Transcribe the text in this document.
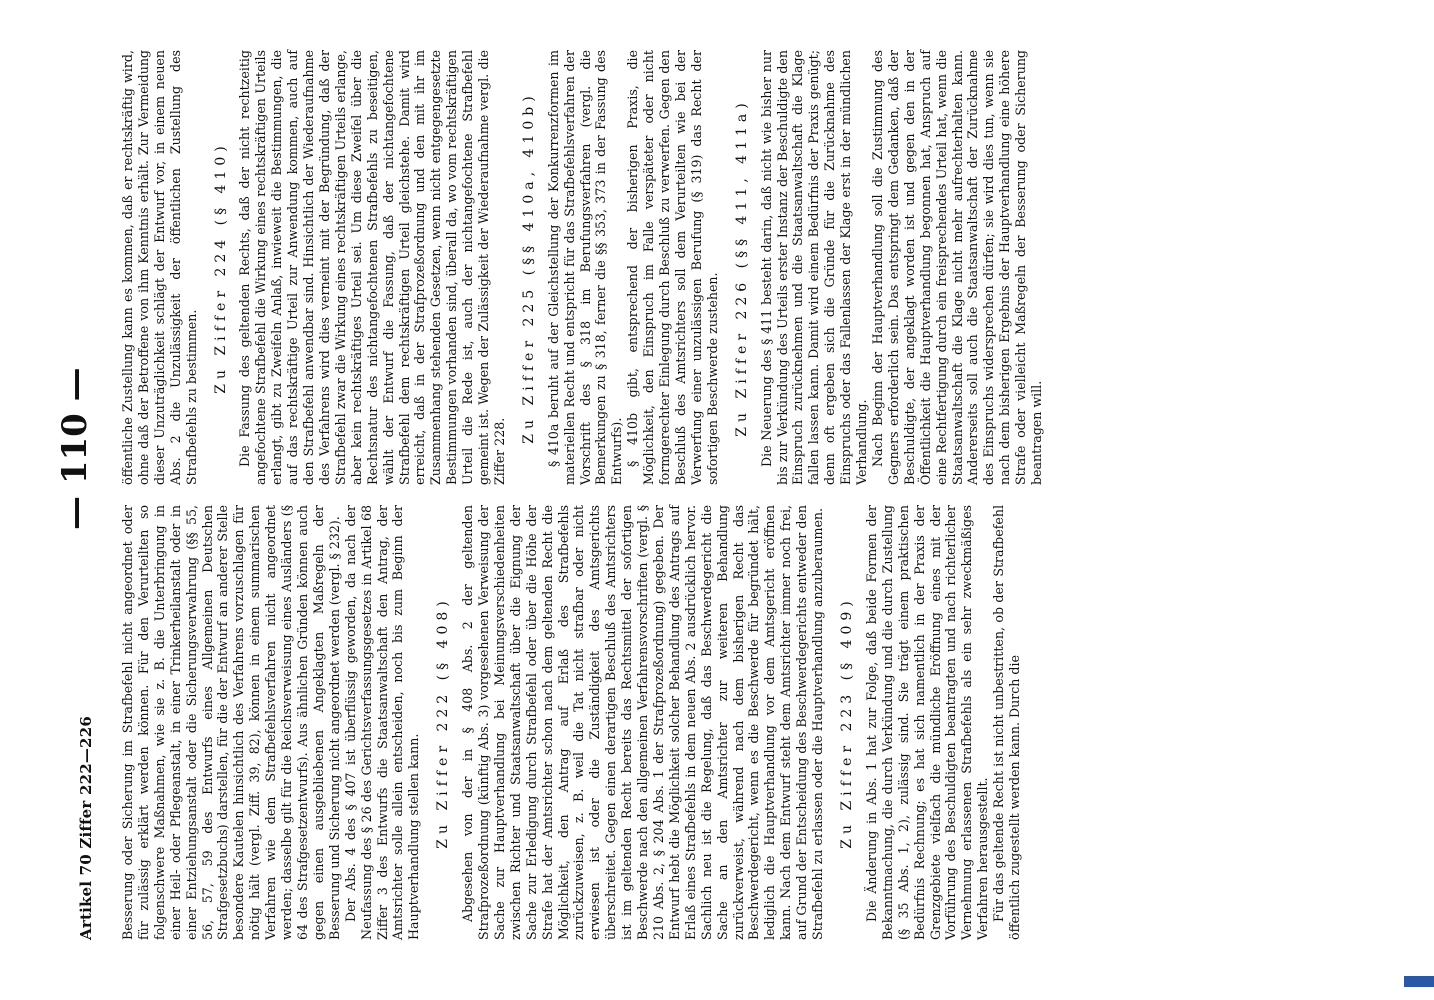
Artikel 70 Ziffer 222—226
— 110 —

Besserung oder Sicherung im Strafbefehl nicht angeordnet oder für zulässig erklärt werden können. Für den Verurteilten so folgenschwere Maßnahmen, wie sie z. B. die Unterbringung in einer Heil- oder Pflegeanstalt, in einer Trinkerheilanstalt oder in einer Entziehungsanstalt oder die Sicherungsverwahrung (§§ 55, 56, 57, 59 des Entwurfs eines Allgemeinen Deutschen Strafgesetzbuchs) darstellen, für die der Entwurf an anderer Stelle besondere Kautelen hinsichtlich des Verfahrens vorzuschlagen für nötig hält (vergl. Ziff. 39, 82), können in einem summarischen Verfahren wie dem Strafbefehlsverfahren nicht angeordnet werden; dasselbe gilt für die Reichsverweisung eines Ausländers (§ 64 des Strafgesetzentwurfs). Aus ähnlichen Gründen können auch gegen einen ausgebliebenen Angeklagten Maßregeln der Besserung und Sicherung nicht angeordnet werden (vergl. § 232). Der Abs. 4 des § 407 ist überflüssig geworden, da nach der Neufassung des § 26 des Gerichtsverfassungsgesetzes in Artikel 68 Ziffer 3 des Entwurfs die Staatsanwaltschaft den Antrag, der Amtsrichter solle allein entscheiden, noch bis zum Beginn der Hauptverhandlung stellen kann. Zu Ziffer 222 (§ 408) Abgesehen von der in § 408 Abs. 2 der geltenden Strafprozeßordnung (künftig Abs. 3) vorgesehenen Verweisung der Sache zur Hauptverhandlung bei Meinungsverschiedenheiten zwischen Richter und Staatsanwaltschaft über die Eignung der Sache zur Erledigung durch Strafbefehl oder über die Höhe der Strafe hat der Amtsrichter schon nach dem geltenden Recht die Möglichkeit, den Antrag auf Erlaß des Strafbefehls zurückzuweisen, z. B. weil die Tat nicht strafbar oder nicht erwiesen ist oder die Zuständigkeit des Amtsgerichts überschreitet. Gegen einen derartigen Beschluß des Amtsrichters ist im geltenden Recht bereits das Rechtsmittel der sofortigen Beschwerde nach den allgemeinen Verfahrensvorschriften (vergl. § 210 Abs. 2, § 204 Abs. 1 der Strafprozeßordnung) gegeben. Der Entwurf hebt die Möglichkeit solcher Behandlung des Antrags auf Erlaß eines Strafbefehls in dem neuen Abs. 2 ausdrücklich hervor. Sachlich neu ist die Regelung, daß das Beschwerdegericht die Sache an den Amtsrichter zur weiteren Behandlung zurückverweist, während nach dem bisherigen Recht das Beschwerdegericht, wenn es die Beschwerde für begründet hält, lediglich die Hauptverhandlung vor dem Amtsgericht eröffnen kann. Nach dem Entwurf steht dem Amtsrichter immer noch frei, auf Grund der Entscheidung des Beschwerdegerichts entweder den Strafbefehl zu erlassen oder die Hauptverhandlung anzuberaumen. Zu Ziffer 223 (§ 409) Die Änderung in Abs. 1 hat zur Folge, daß beide Formen der Bekanntmachung, die durch Verkündung und die durch Zustellung (§ 35 Abs. 1, 2), zulässig sind. Sie trägt einem praktischen Bedürfnis Rechnung; es hat sich namentlich in der Praxis der Grenzgebiete vielfach die mündliche Eröffnung eines mit der Vorführung des Beschuldigten beantragten und nach richterlicher Vernehmung erlassenen Strafbefehls als ein sehr zweckmäßiges Verfahren herausgestellt. Für das geltende Recht ist nicht unbestritten, ob der Strafbefehl öffentlich zugestellt werden kann. Durch die

öffentliche Zustellung kann es kommen, daß er rechtskräftig wird, ohne daß der Betroffene von ihm Kenntnis erhält. Zur Vermeidung dieser Unzuträglichkeit schlägt der Entwurf vor, in einem neuen Abs. 2 die Unzulässigkeit der öffentlichen Zustellung des Strafbefehls zu bestimmen.

Zu Ziffer 224 (§ 410) Die Fassung des geltenden Rechts, daß der nicht rechtzeitig angefochtene Strafbefehl die Wirkung eines rechtskräftigen Urteils erlangt, gibt zu Zweifeln Anlaß, inwieweit die Bestimmungen, die auf das rechtskräftige Urteil zur Anwendung kommen, auch auf den Strafbefehl anwendbar sind. Hinsichtlich der Wiederaufnahme des Verfahrens wird dies verneint mit der Begründung, daß der Strafbefehl zwar die Wirkung eines rechtskräftigen Urteils erlange, aber kein rechtskräftiges Urteil sei. Um diese Zweifel über die Rechtsnatur des nichtangefochtenen Strafbefehls zu beseitigen, wählt der Entwurf die Fassung, daß der nichtangefochtene Strafbefehl dem rechtskräftigen Urteil gleichstehe. Damit wird erreicht, daß in der Strafprozeßordnung und den mit ihr im Zusammenhang stehenden Gesetzen, wenn nicht entgegengesetzte Bestimmungen vorhanden sind, überall da, wo vom rechtskräftigen Urteil die Rede ist, auch der nichtangefochtene Strafbefehl gemeint ist. Wegen der Zulässigkeit der Wiederaufnahme vergl. die Ziffer 228.

Zu Ziffer 225 (§§ 410a, 410b) § 410a beruht auf der Gleichstellung der Konkurrenzformen im materiellen Recht und entspricht für das Strafbefehlsverfahren der Vorschrift des § 318 im Berufungsverfahren (vergl. die Bemerkungen zu § 318, ferner die §§ 353, 373 in der Fassung des Entwurfs). § 410b gibt, entsprechend der bisherigen Praxis, die Möglichkeit, den Einspruch im Falle verspäteter oder nicht formgerechter Einlegung durch Beschluß zu verwerfen. Gegen den Beschluß des Amtsrichters soll dem Verurteilten wie bei der Verwerfung einer unzulässigen Berufung (§ 319) das Recht der sofortigen Beschwerde zustehen. Zu Ziffer 226 (§§ 411, 411a) Die Neuerung des § 411 besteht darin, daß nicht wie bisher nur bis zur Verkündung des Urteils erster Instanz der Beschuldigte den Einspruch zurücknehmen und die Staatsanwaltschaft die Klage fallen lassen kann. Damit wird einem Bedürfnis der Praxis genügt; denn oft ergeben sich die Gründe für die Zurücknahme des Einspruchs oder das Fallenlassen der Klage erst in der mündlichen Verhandlung. Nach Beginn der Hauptverhandlung soll die Zustimmung des Gegners erforderlich sein. Das entspringt dem Gedanken, daß der Beschuldigte, der angeklagt worden ist und gegen den in der Öffentlichkeit die Hauptverhandlung begonnen hat, Anspruch auf eine Rechtfertigung durch ein freisprechendes Urteil hat, wenn die Staatsanwaltschaft die Klage nicht mehr aufrechterhalten kann. Andererseits soll auch die Staatsanwaltschaft der Zurücknahme des Einspruchs widersprechen dürfen; sie wird dies tun, wenn sie nach dem bisherigen Ergebnis der Hauptverhandlung eine höhere Strafe oder vielleicht Maßregeln der Besserung oder Sicherung beantragen will.
